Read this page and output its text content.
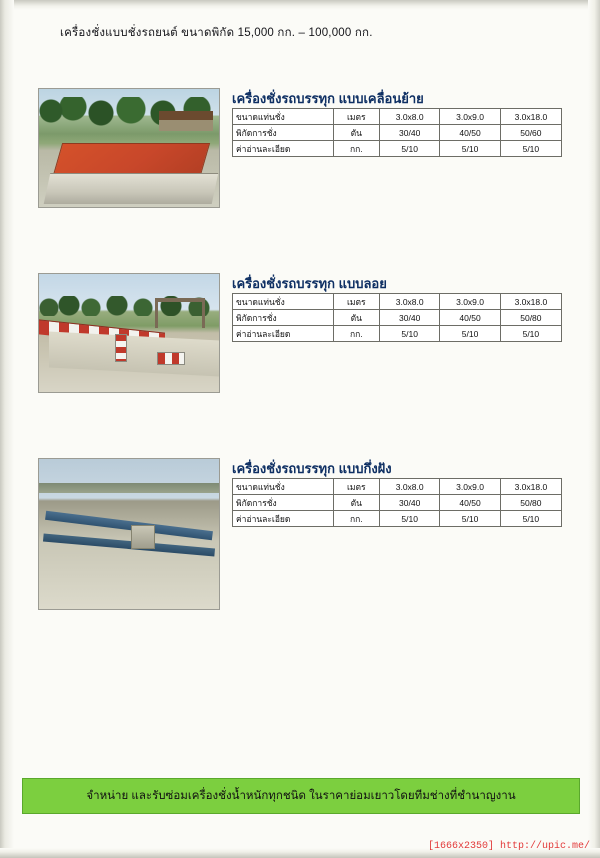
เครื่องชั่งแบบชั่งรถยนต์ ขนาดพิกัด 15,000 กก. – 100,000 กก.
เครื่องชั่งรถบรรทุก แบบเคลื่อนย้าย
ขนาดแท่นชั่ง	เมตร	3.0x8.0	3.0x9.0	3.0x18.0
พิกัดการชั่ง	ตัน	30/40	40/50	50/60
ค่าอ่านละเอียด	กก.	5/10	5/10	5/10
เครื่องชั่งรถบรรทุก แบบลอย
ขนาดแท่นชั่ง	เมตร	3.0x8.0	3.0x9.0	3.0x18.0
พิกัดการชั่ง	ตัน	30/40	40/50	50/80
ค่าอ่านละเอียด	กก.	5/10	5/10	5/10
เครื่องชั่งรถบรรทุก แบบกึ่งฝัง
ขนาดแท่นชั่ง	เมตร	3.0x8.0	3.0x9.0	3.0x18.0
พิกัดการชั่ง	ตัน	30/40	40/50	50/80
ค่าอ่านละเอียด	กก.	5/10	5/10	5/10
จำหน่าย และรับซ่อมเครื่องชั่งน้ำหนักทุกชนิด ในราคาย่อมเยาวโดยทีมช่างที่ชำนาญงาน
[1666x2350] http://upic.me/
